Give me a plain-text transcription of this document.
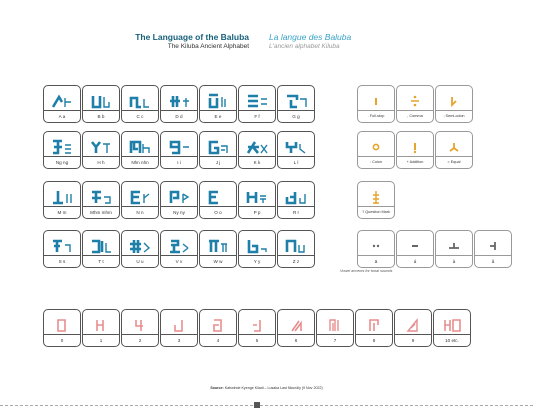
The Language of the Baluba
The Kiluba Ancient Alphabet
La langue des Baluba
L'ancien alphabet Kiluba
A a	B b	C c	D d	E e	F f	G g
Ng ng	H h	Nhn nhn	I i	J j	K k	L l
M m	Mhm mhm	N n	Ny ny	O o	P p	R r
S s	T t	U u	V v	W w	Y y	Z z
. Full-stop	, Comma	; Semi-colon
: Colon	+ Addition	= Equal
? Question Mark
ā	á	à	â
Vowel accents for tonal sounds
0	1	2	3	4	5	6	7	8	9	10 etc.
Source: Kabwinde Kyenge Kiladi – Lusaka Last Nkundly (9 Nov 2022)
